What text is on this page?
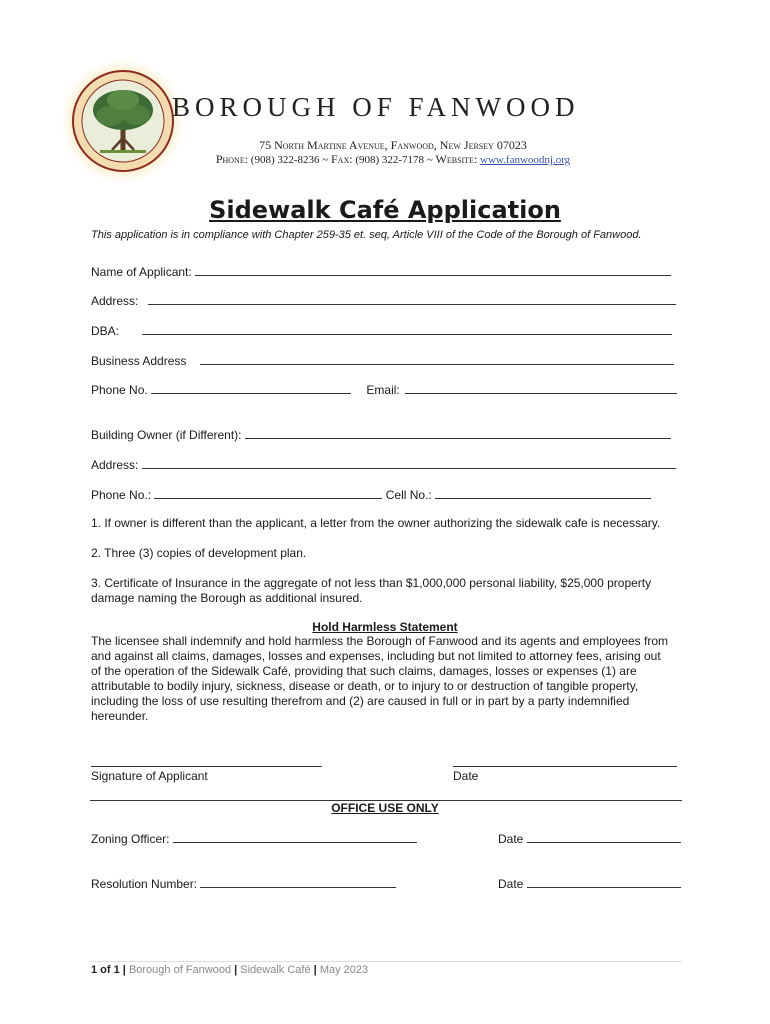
BOROUGH OF FANWOOD
75 North Martine Avenue, Fanwood, New Jersey 07023
Phone: (908) 322-8236 ~ Fax: (908) 322-7178 ~ Website: www.fanwoodnj.org
Sidewalk Café Application
This application is in compliance with Chapter 259-35 et. seq, Article VIII of the Code of the Borough of Fanwood.
Name of Applicant:
Address:
DBA:
Business Address
Phone No.	Email:
Building Owner (if Different):
Address:
Phone No.:	Cell No.:
1. If owner is different than the applicant, a letter from the owner authorizing the sidewalk cafe is necessary.
2. Three (3) copies of development plan.
3. Certificate of Insurance in the aggregate of not less than $1,000,000 personal liability, $25,000 property damage naming the Borough as additional insured.
Hold Harmless Statement
The licensee shall indemnify and hold harmless the Borough of Fanwood and its agents and employees from and against all claims, damages, losses and expenses, including but not limited to attorney fees, arising out of the operation of the Sidewalk Café, providing that such claims, damages, losses or expenses (1) are attributable to bodily injury, sickness, disease or death, or to injury to or destruction of tangible property, including the loss of use resulting therefrom and (2) are caused in full or in part by a party indemnified hereunder.
Signature of Applicant	Date
OFFICE USE ONLY
Zoning Officer:	Date
Resolution Number:	Date
1 of 1 | Borough of Fanwood | Sidewalk Café | May 2023
